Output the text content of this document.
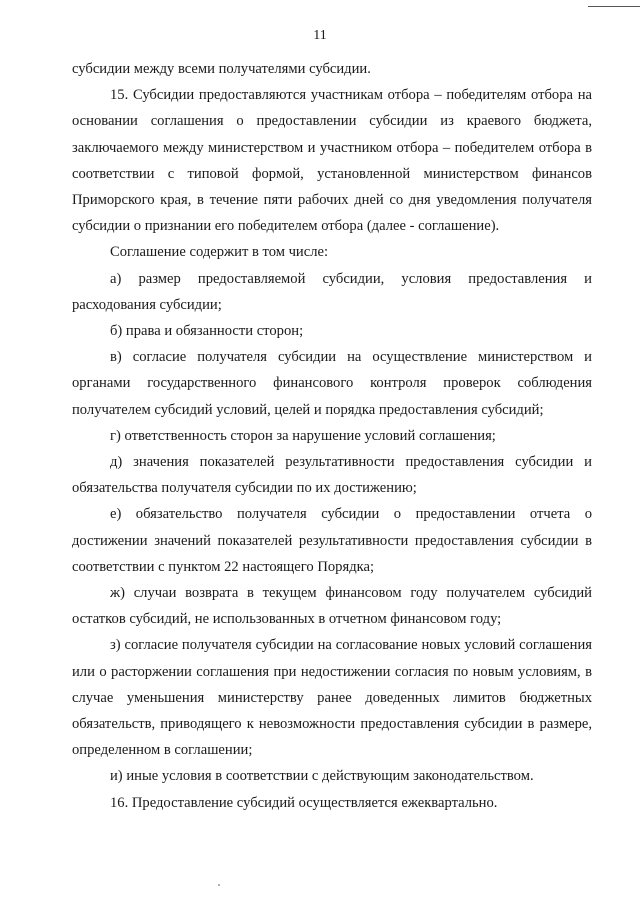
11

субсидии между всеми получателями субсидии.

15. Субсидии предоставляются участникам отбора – победителям отбора на основании соглашения о предоставлении субсидии из краевого бюджета, заключаемого между министерством и участником отбора – победителем отбора в соответствии с типовой формой, установленной министерством финансов Приморского края, в течение пяти рабочих дней со дня уведомления получателя субсидии о признании его победителем отбора (далее - соглашение).

Соглашение содержит в том числе:

а) размер предоставляемой субсидии, условия предоставления и расходования субсидии;

б) права и обязанности сторон;

в) согласие получателя субсидии на осуществление министерством и органами государственного финансового контроля проверок соблюдения получателем субсидий условий, целей и порядка предоставления субсидий;

г) ответственность сторон за нарушение условий соглашения;

д) значения показателей результативности предоставления субсидии и обязательства получателя субсидии по их достижению;

е) обязательство получателя субсидии о предоставлении отчета о достижении значений показателей результативности предоставления субсидии в соответствии с пунктом 22 настоящего Порядка;

ж) случаи возврата в текущем финансовом году получателем субсидий остатков субсидий, не использованных в отчетном финансовом году;

з) согласие получателя субсидии на согласование новых условий соглашения или о расторжении соглашения при недостижении согласия по новым условиям, в случае уменьшения министерству ранее доведенных лимитов бюджетных обязательств, приводящего к невозможности предоставления субсидии в размере, определенном в соглашении;

и) иные условия в соответствии с действующим законодательством.

16. Предоставление субсидий осуществляется ежеквартально.
